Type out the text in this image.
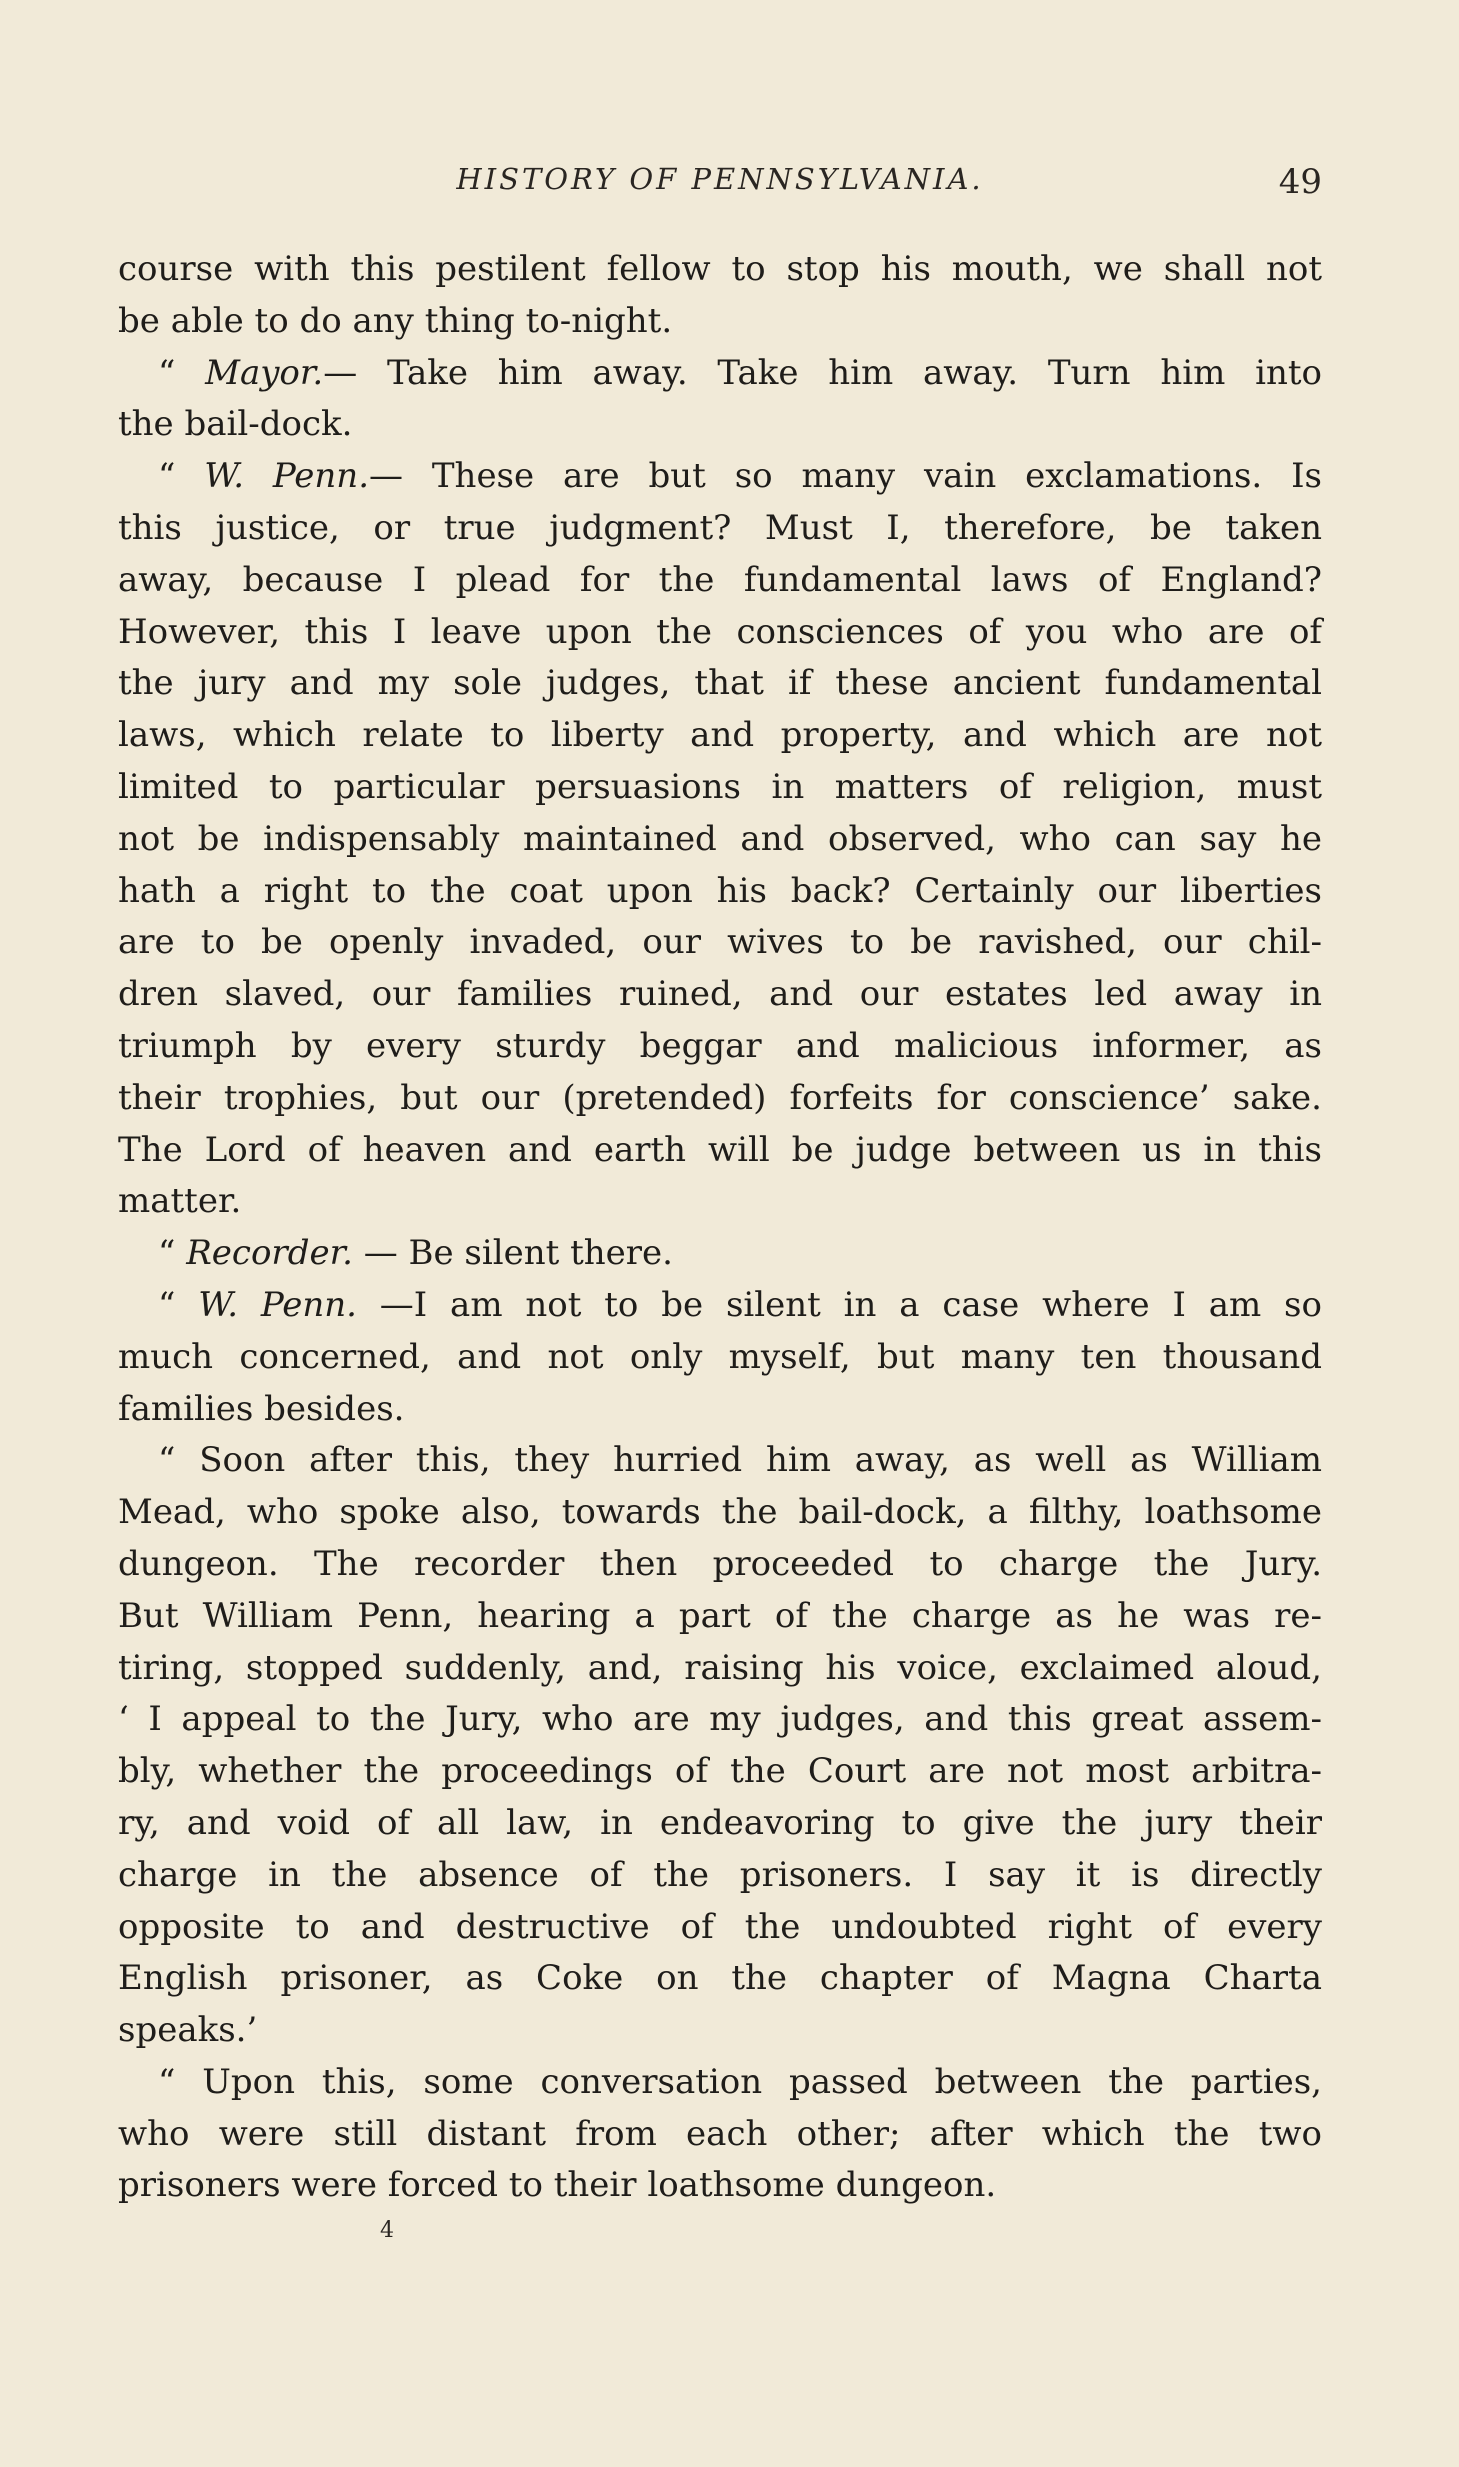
HISTORY OF PENNSYLVANIA.	49
course with this pestilent fellow to stop his mouth, we shall not
be able to do any thing to-night.
“ Mayor.— Take him away. Take him away. Turn him into
the bail-dock.
“ W. Penn.— These are but so many vain exclamations. Is
this justice, or true judgment? Must I, therefore, be taken
away, because I plead for the fundamental laws of England?
However, this I leave upon the consciences of you who are of
the jury and my sole judges, that if these ancient fundamental
laws, which relate to liberty and property, and which are not
limited to particular persuasions in matters of religion, must
not be indispensably maintained and observed, who can say he
hath a right to the coat upon his back? Certainly our liberties
are to be openly invaded, our wives to be ravished, our chil-
dren slaved, our families ruined, and our estates led away in
triumph by every sturdy beggar and malicious informer, as
their trophies, but our (pretended) forfeits for conscience’ sake.
The Lord of heaven and earth will be judge between us in this
matter.
“ Recorder. — Be silent there.
“ W. Penn. —I am not to be silent in a case where I am so
much concerned, and not only myself, but many ten thousand
families besides.
“ Soon after this, they hurried him away, as well as William
Mead, who spoke also, towards the bail-dock, a filthy, loathsome
dungeon. The recorder then proceeded to charge the Jury.
But William Penn, hearing a part of the charge as he was re-
tiring, stopped suddenly, and, raising his voice, exclaimed aloud,
‘ I appeal to the Jury, who are my judges, and this great assem-
bly, whether the proceedings of the Court are not most arbitra-
ry, and void of all law, in endeavoring to give the jury their
charge in the absence of the prisoners. I say it is directly
opposite to and destructive of the undoubted right of every
English prisoner, as Coke on the chapter of Magna Charta
speaks.’
“ Upon this, some conversation passed between the parties,
who were still distant from each other; after which the two
prisoners were forced to their loathsome dungeon.
4
